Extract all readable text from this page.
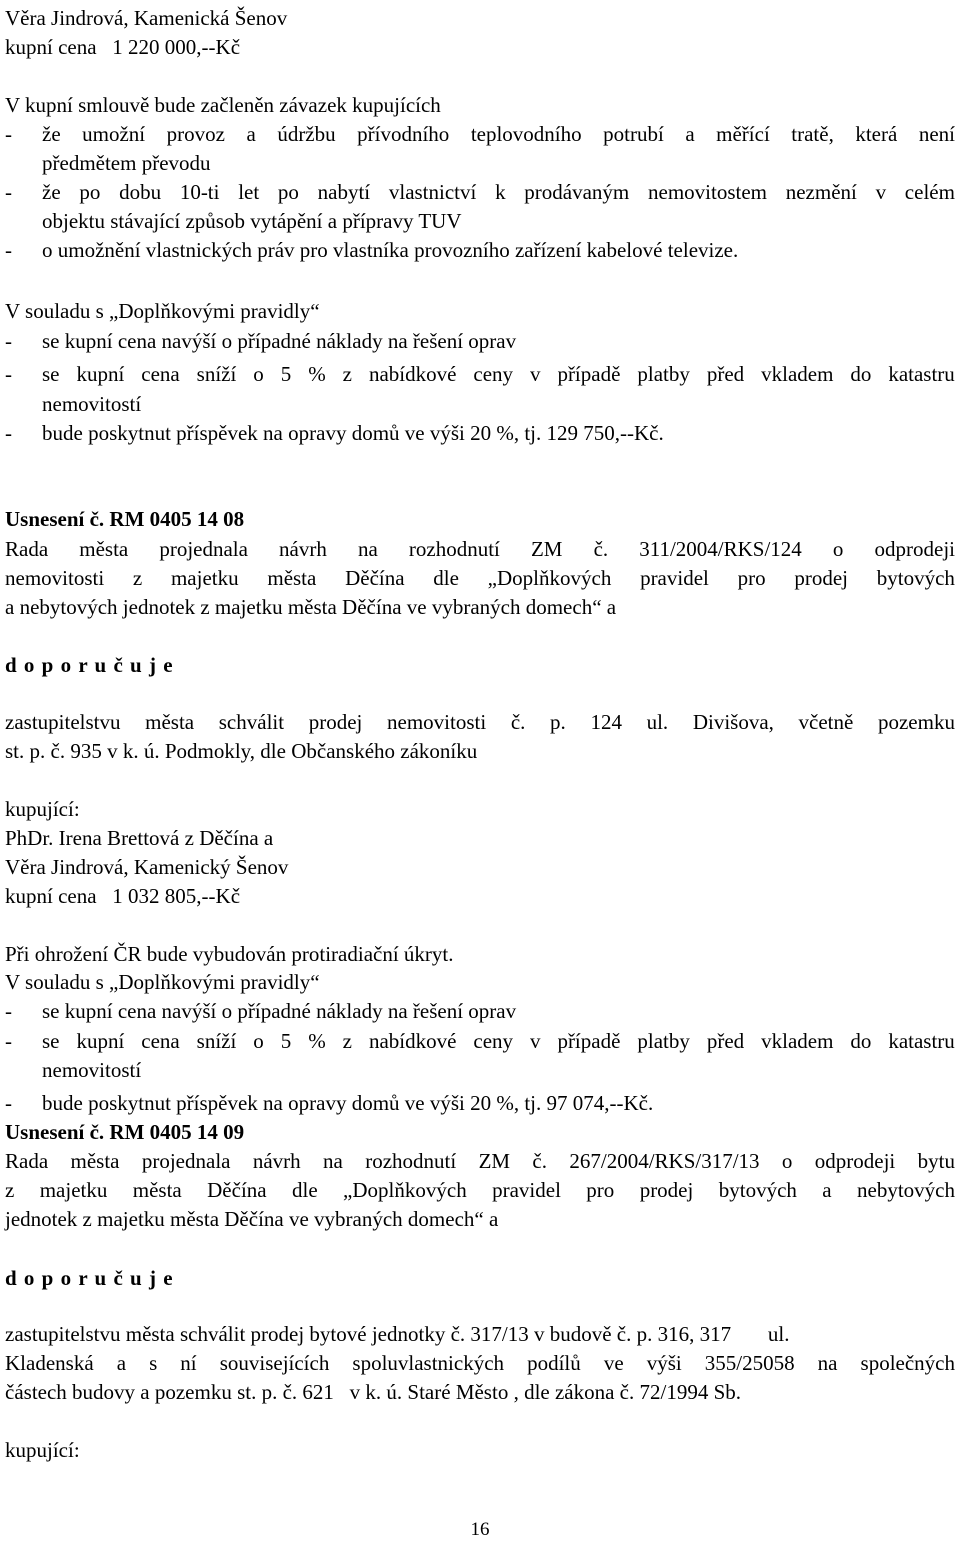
Věra Jindrová, Kamenická Šenov

kupní cena   1 220 000,--Kč

V kupní smlouvě bude začleněn závazek kupujících

- že umožní provoz a údržbu přívodního teplovodního potrubí a měřící tratě, která není
předmětem převodu
- že po dobu 10-ti let po nabytí vlastnictví k prodávaným nemovitostem nezmění v celém
objektu stávající způsob vytápění a přípravy TUV
- o umožnění vlastnických práv pro vlastníka provozního zařízení kabelové televize.

V souladu s „Doplňkovými pravidly“

- se kupní cena navýší o případné náklady na řešení oprav
- se kupní cena sníží o 5 % z nabídkové ceny v případě platby před vkladem do katastru
nemovitostí
- bude poskytnut příspěvek na opravy domů ve výši 20 %, tj. 129 750,--Kč.

Usnesení č. RM 0405 14 08

Rada města projednala návrh na rozhodnutí ZM č. 311/2004/RKS/124 o odprodeji
nemovitosti z majetku města Děčína dle „Doplňkových pravidel pro prodej bytových

a nebytových jednotek z majetku města Děčína ve vybraných domech“ a

d o p o r u č u j e

zastupitelstvu města schválit prodej nemovitosti č. p. 124 ul. Divišova, včetně pozemku

st. p. č. 935 v k. ú. Podmokly, dle Občanského zákoníku

kupující:

PhDr. Irena Brettová z Děčína a

Věra Jindrová, Kamenický Šenov

kupní cena   1 032 805,--Kč

Při ohrožení ČR bude vybudován protiradiační úkryt.

V souladu s „Doplňkovými pravidly“

- se kupní cena navýší o případné náklady na řešení oprav
- se kupní cena sníží o 5 % z nabídkové ceny v případě platby před vkladem do katastru
nemovitostí
- bude poskytnut příspěvek na opravy domů ve výši 20 %, tj. 97 074,--Kč.

Usnesení č. RM 0405 14 09

Rada města projednala návrh na rozhodnutí ZM č. 267/2004/RKS/317/13 o odprodeji bytu
z majetku města Děčína dle „Doplňkových pravidel pro prodej bytových a nebytových

jednotek z majetku města Děčína ve vybraných domech“ a

d o p o r u č u j e

zastupitelstvu města schválit prodej bytové jednotky č. 317/13 v budově č. p. 316, 317       ul.

Kladenská a s ní souvisejících spoluvlastnických podílů ve výši 355/25058 na společných

částech budovy a pozemku st. p. č. 621   v k. ú. Staré Město , dle zákona č. 72/1994 Sb.

kupující:

16
